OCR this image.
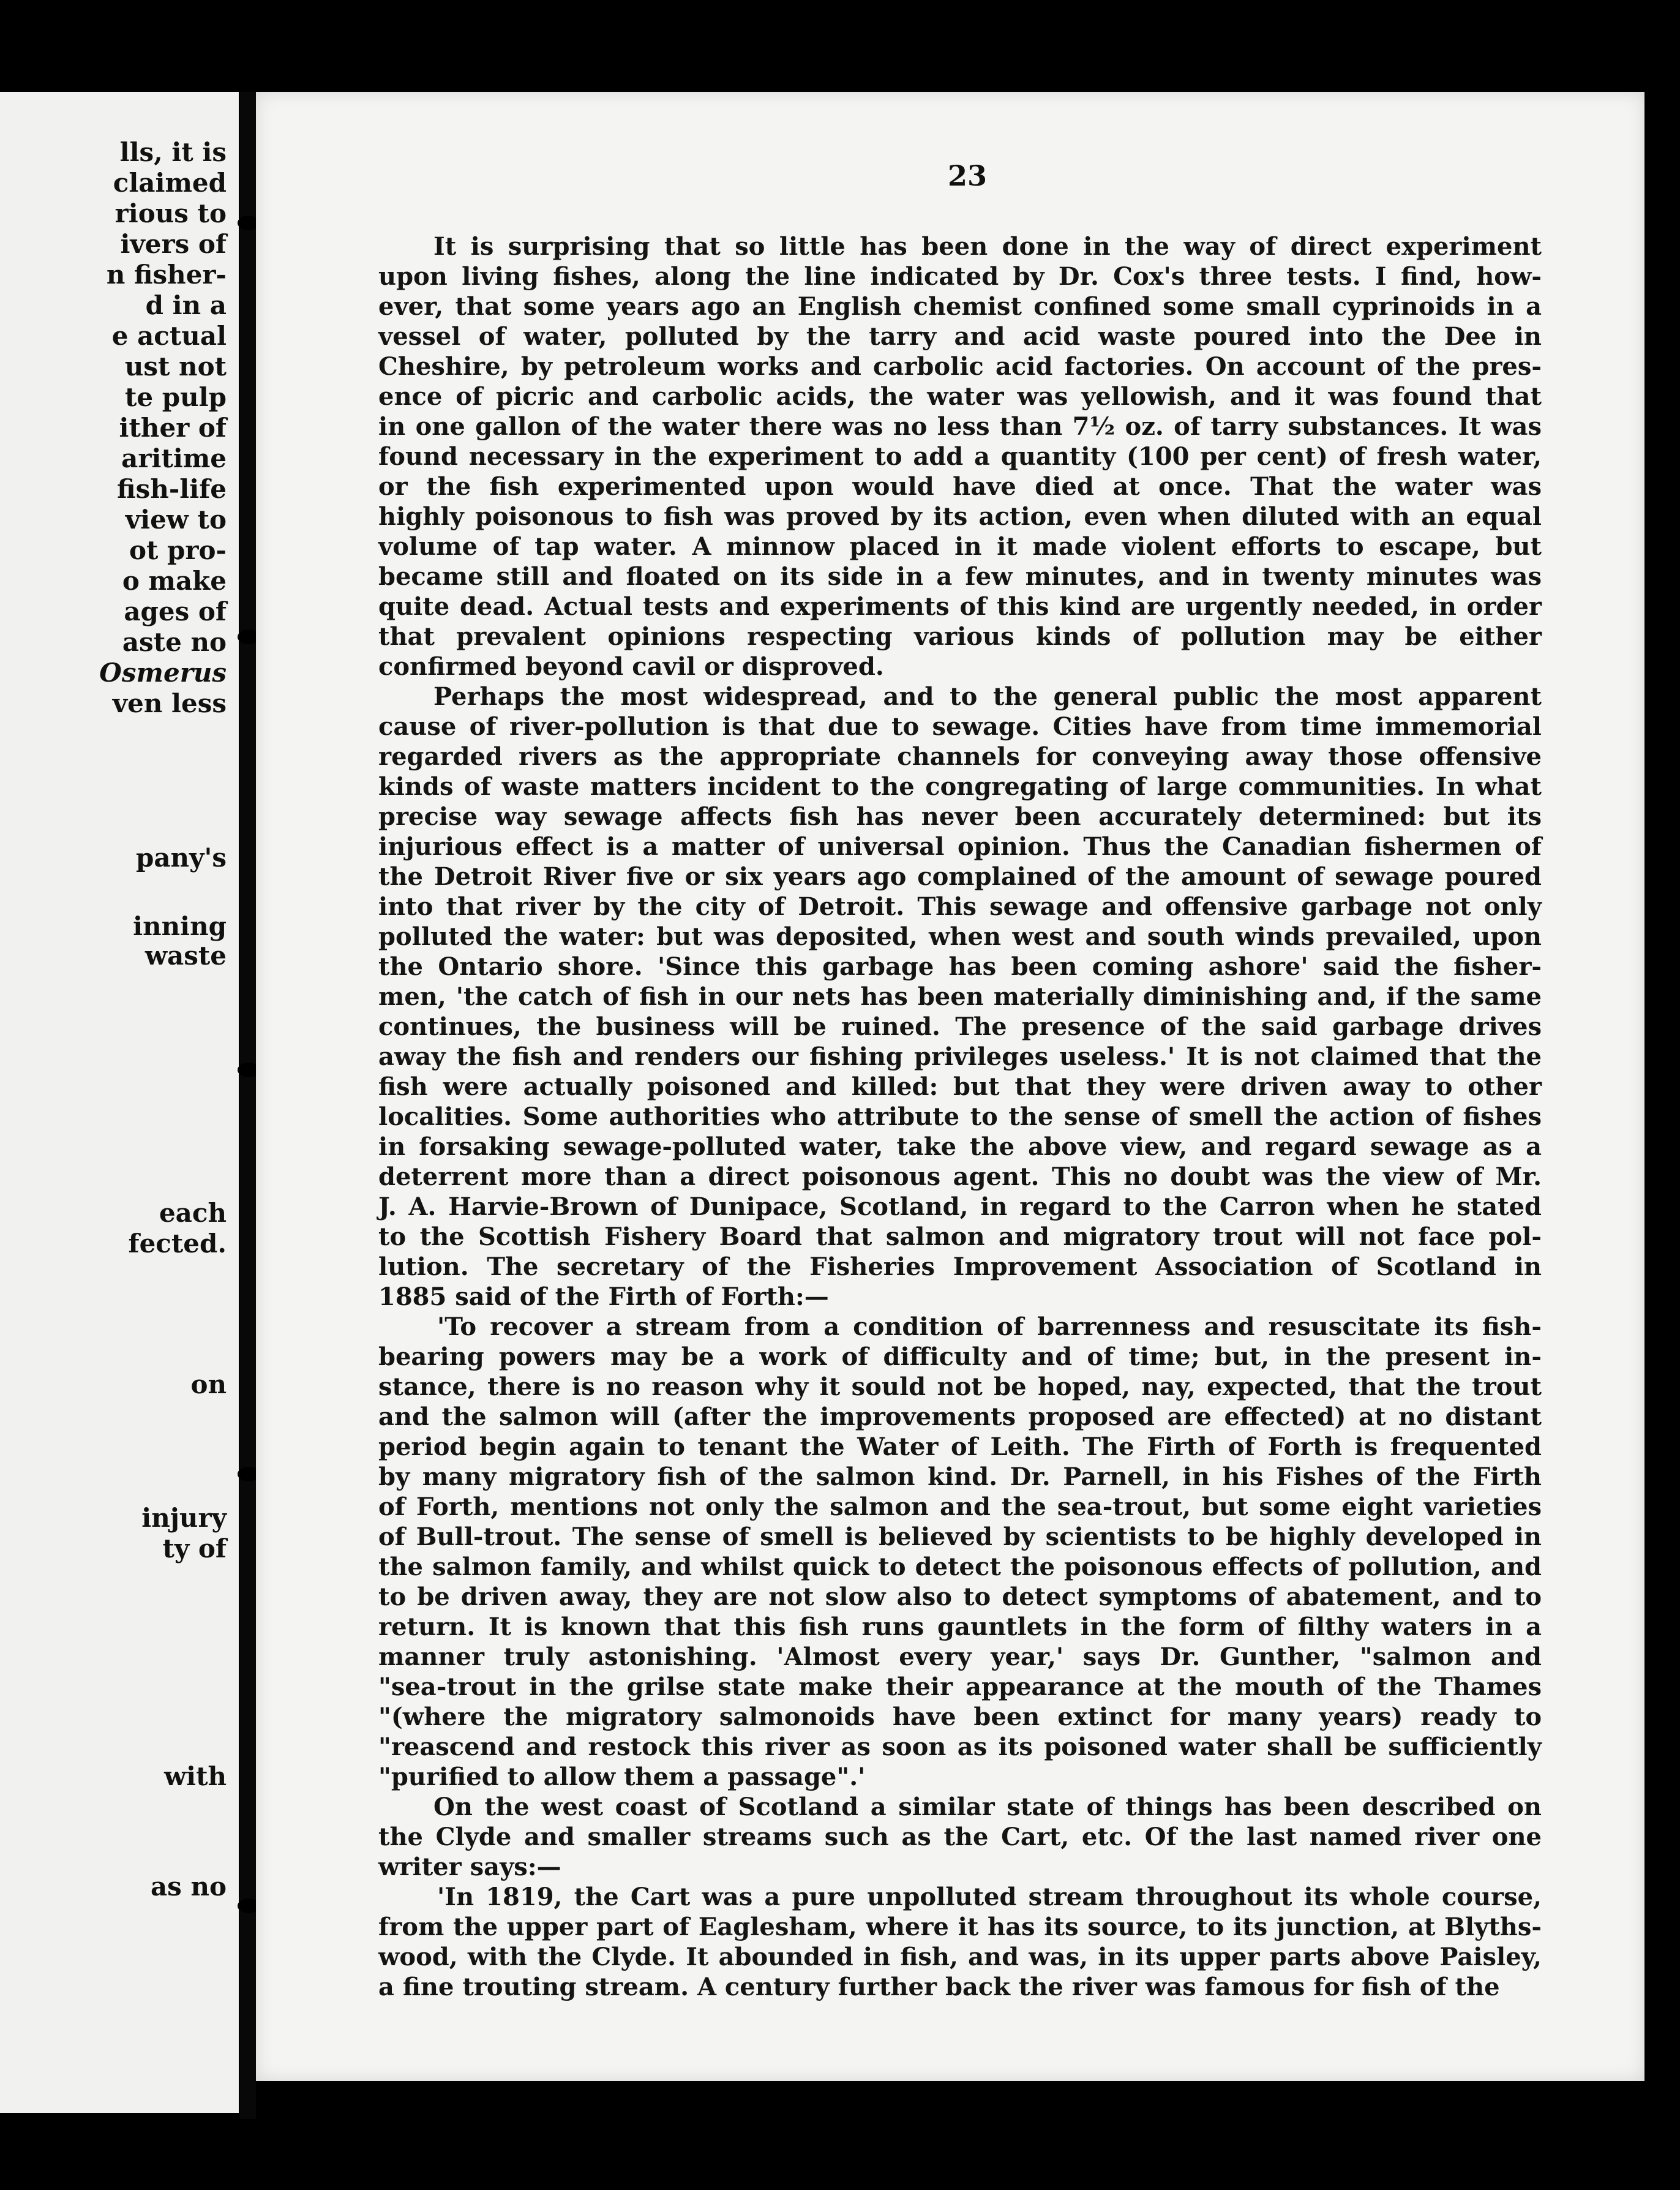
lls, it is
claimed
rious to
ivers of
n fisher-
d in a
e actual
ust not
te pulp
ither of
aritime
fish-life
view to
ot pro-
o make
ages of
aste no
Osmerus
ven less
pany's
inning
waste
each
fected.
on
injury
ty of
with
as no
23
It is surprising that so little has been done in the way of direct experiment
upon living fishes, along the line indicated by Dr. Cox's three tests. I find, how-
ever, that some years ago an English chemist confined some small cyprinoids in a
vessel of water, polluted by the tarry and acid waste poured into the Dee in
Cheshire, by petroleum works and carbolic acid factories. On account of the pres-
ence of picric and carbolic acids, the water was yellowish, and it was found that
in one gallon of the water there was no less than 7½ oz. of tarry substances. It was
found necessary in the experiment to add a quantity (100 per cent) of fresh water,
or the fish experimented upon would have died at once. That the water was
highly poisonous to fish was proved by its action, even when diluted with an equal
volume of tap water. A minnow placed in it made violent efforts to escape, but
became still and floated on its side in a few minutes, and in twenty minutes was
quite dead. Actual tests and experiments of this kind are urgently needed, in order
that prevalent opinions respecting various kinds of pollution may be either
confirmed beyond cavil or disproved.
Perhaps the most widespread, and to the general public the most apparent
cause of river-pollution is that due to sewage. Cities have from time immemorial
regarded rivers as the appropriate channels for conveying away those offensive
kinds of waste matters incident to the congregating of large communities. In what
precise way sewage affects fish has never been accurately determined: but its
injurious effect is a matter of universal opinion. Thus the Canadian fishermen of
the Detroit River five or six years ago complained of the amount of sewage poured
into that river by the city of Detroit. This sewage and offensive garbage not only
polluted the water: but was deposited, when west and south winds prevailed, upon
the Ontario shore. 'Since this garbage has been coming ashore' said the fisher-
men, 'the catch of fish in our nets has been materially diminishing and, if the same
continues, the business will be ruined. The presence of the said garbage drives
away the fish and renders our fishing privileges useless.' It is not claimed that the
fish were actually poisoned and killed: but that they were driven away to other
localities. Some authorities who attribute to the sense of smell the action of fishes
in forsaking sewage-polluted water, take the above view, and regard sewage as a
deterrent more than a direct poisonous agent. This no doubt was the view of Mr.
J. A. Harvie-Brown of Dunipace, Scotland, in regard to the Carron when he stated
to the Scottish Fishery Board that salmon and migratory trout will not face pol-
lution. The secretary of the Fisheries Improvement Association of Scotland in
1885 said of the Firth of Forth:—
'To recover a stream from a condition of barrenness and resuscitate its fish-
bearing powers may be a work of difficulty and of time; but, in the present in-
stance, there is no reason why it sould not be hoped, nay, expected, that the trout
and the salmon will (after the improvements proposed are effected) at no distant
period begin again to tenant the Water of Leith. The Firth of Forth is frequented
by many migratory fish of the salmon kind. Dr. Parnell, in his Fishes of the Firth
of Forth, mentions not only the salmon and the sea-trout, but some eight varieties
of Bull-trout. The sense of smell is believed by scientists to be highly developed in
the salmon family, and whilst quick to detect the poisonous effects of pollution, and
to be driven away, they are not slow also to detect symptoms of abatement, and to
return. It is known that this fish runs gauntlets in the form of filthy waters in a
manner truly astonishing. 'Almost every year,' says Dr. Gunther, "salmon and
"sea-trout in the grilse state make their appearance at the mouth of the Thames
"(where the migratory salmonoids have been extinct for many years) ready to
"reascend and restock this river as soon as its poisoned water shall be sufficiently
"purified to allow them a passage".'
On the west coast of Scotland a similar state of things has been described on
the Clyde and smaller streams such as the Cart, etc. Of the last named river one
writer says:—
'In 1819, the Cart was a pure unpolluted stream throughout its whole course,
from the upper part of Eaglesham, where it has its source, to its junction, at Blyths-
wood, with the Clyde. It abounded in fish, and was, in its upper parts above Paisley,
a fine trouting stream. A century further back the river was famous for fish of the
